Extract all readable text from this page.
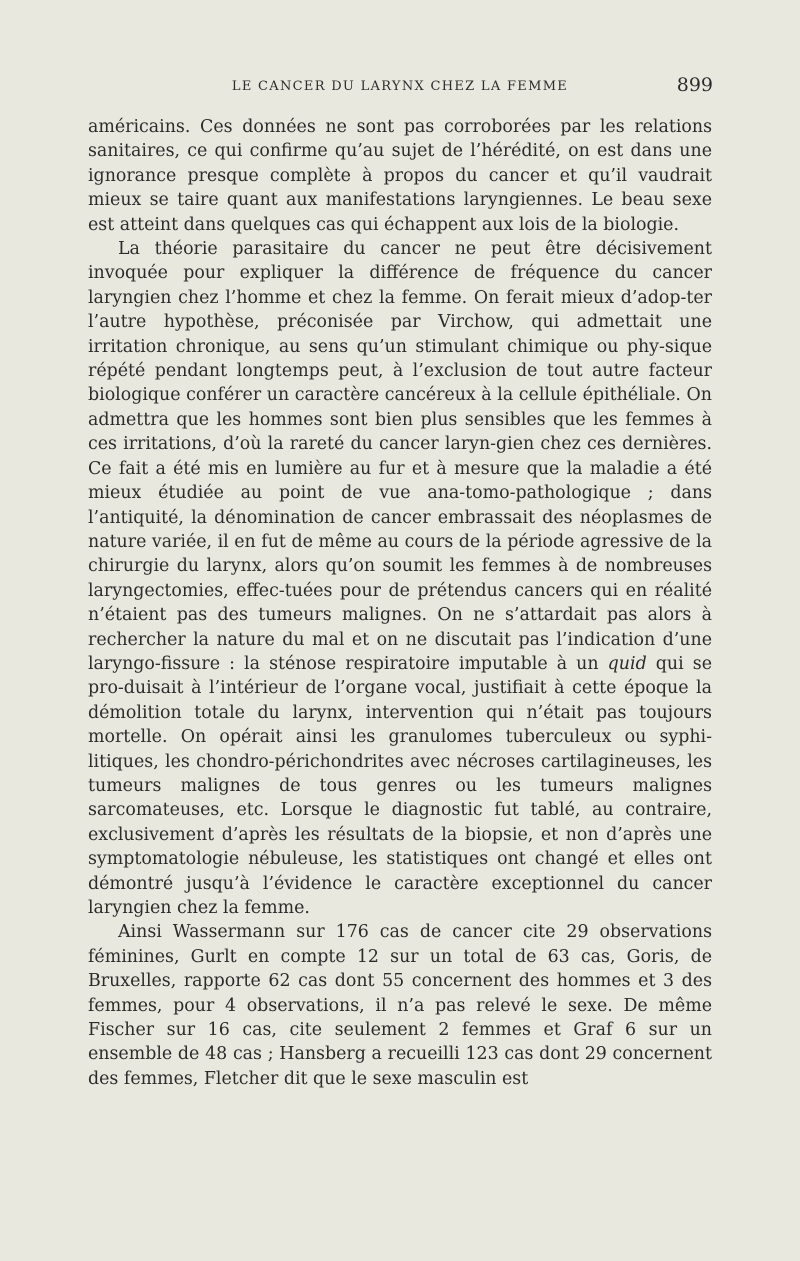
LE CANCER DU LARYNX CHEZ LA FEMME	899

américains. Ces données ne sont pas corroborées par les relations sanitaires, ce qui confirme qu’au sujet de l’hérédité, on est dans une ignorance presque complète à propos du cancer et qu’il vaudrait mieux se taire quant aux manifestations laryngiennes. Le beau sexe est atteint dans quelques cas qui échappent aux lois de la biologie.

La théorie parasitaire du cancer ne peut être décisivement invoquée pour expliquer la différence de fréquence du cancer laryngien chez l’homme et chez la femme. On ferait mieux d’adop-ter l’autre hypothèse, préconisée par Virchow, qui admettait une irritation chronique, au sens qu’un stimulant chimique ou phy-sique répété pendant longtemps peut, à l’exclusion de tout autre facteur biologique conférer un caractère cancéreux à la cellule épithéliale. On admettra que les hommes sont bien plus sensibles que les femmes à ces irritations, d’où la rareté du cancer laryn-gien chez ces dernières. Ce fait a été mis en lumière au fur et à mesure que la maladie a été mieux étudiée au point de vue ana-tomo-pathologique ; dans l’antiquité, la dénomination de cancer embrassait des néoplasmes de nature variée, il en fut de même au cours de la période agressive de la chirurgie du larynx, alors qu’on soumit les femmes à de nombreuses laryngectomies, effec-tuées pour de prétendus cancers qui en réalité n’étaient pas des tumeurs malignes. On ne s’attardait pas alors à rechercher la nature du mal et on ne discutait pas l’indication d’une laryngo-fissure : la sténose respiratoire imputable à un quid qui se pro-duisait à l’intérieur de l’organe vocal, justifiait à cette époque la démolition totale du larynx, intervention qui n’était pas toujours mortelle. On opérait ainsi les granulomes tuberculeux ou syphi-litiques, les chondro-périchondrites avec nécroses cartilagineuses, les tumeurs malignes de tous genres ou les tumeurs malignes sarcomateuses, etc. Lorsque le diagnostic fut tablé, au contraire, exclusivement d’après les résultats de la biopsie, et non d’après une symptomatologie nébuleuse, les statistiques ont changé et elles ont démontré jusqu’à l’évidence le caractère exceptionnel du cancer laryngien chez la femme.

Ainsi Wassermann sur 176 cas de cancer cite 29 observations féminines, Gurlt en compte 12 sur un total de 63 cas, Goris, de Bruxelles, rapporte 62 cas dont 55 concernent des hommes et 3 des femmes, pour 4 observations, il n’a pas relevé le sexe. De même Fischer sur 16 cas, cite seulement 2 femmes et Graf 6 sur un ensemble de 48 cas ; Hansberg a recueilli 123 cas dont 29 concernent des femmes, Fletcher dit que le sexe masculin est
